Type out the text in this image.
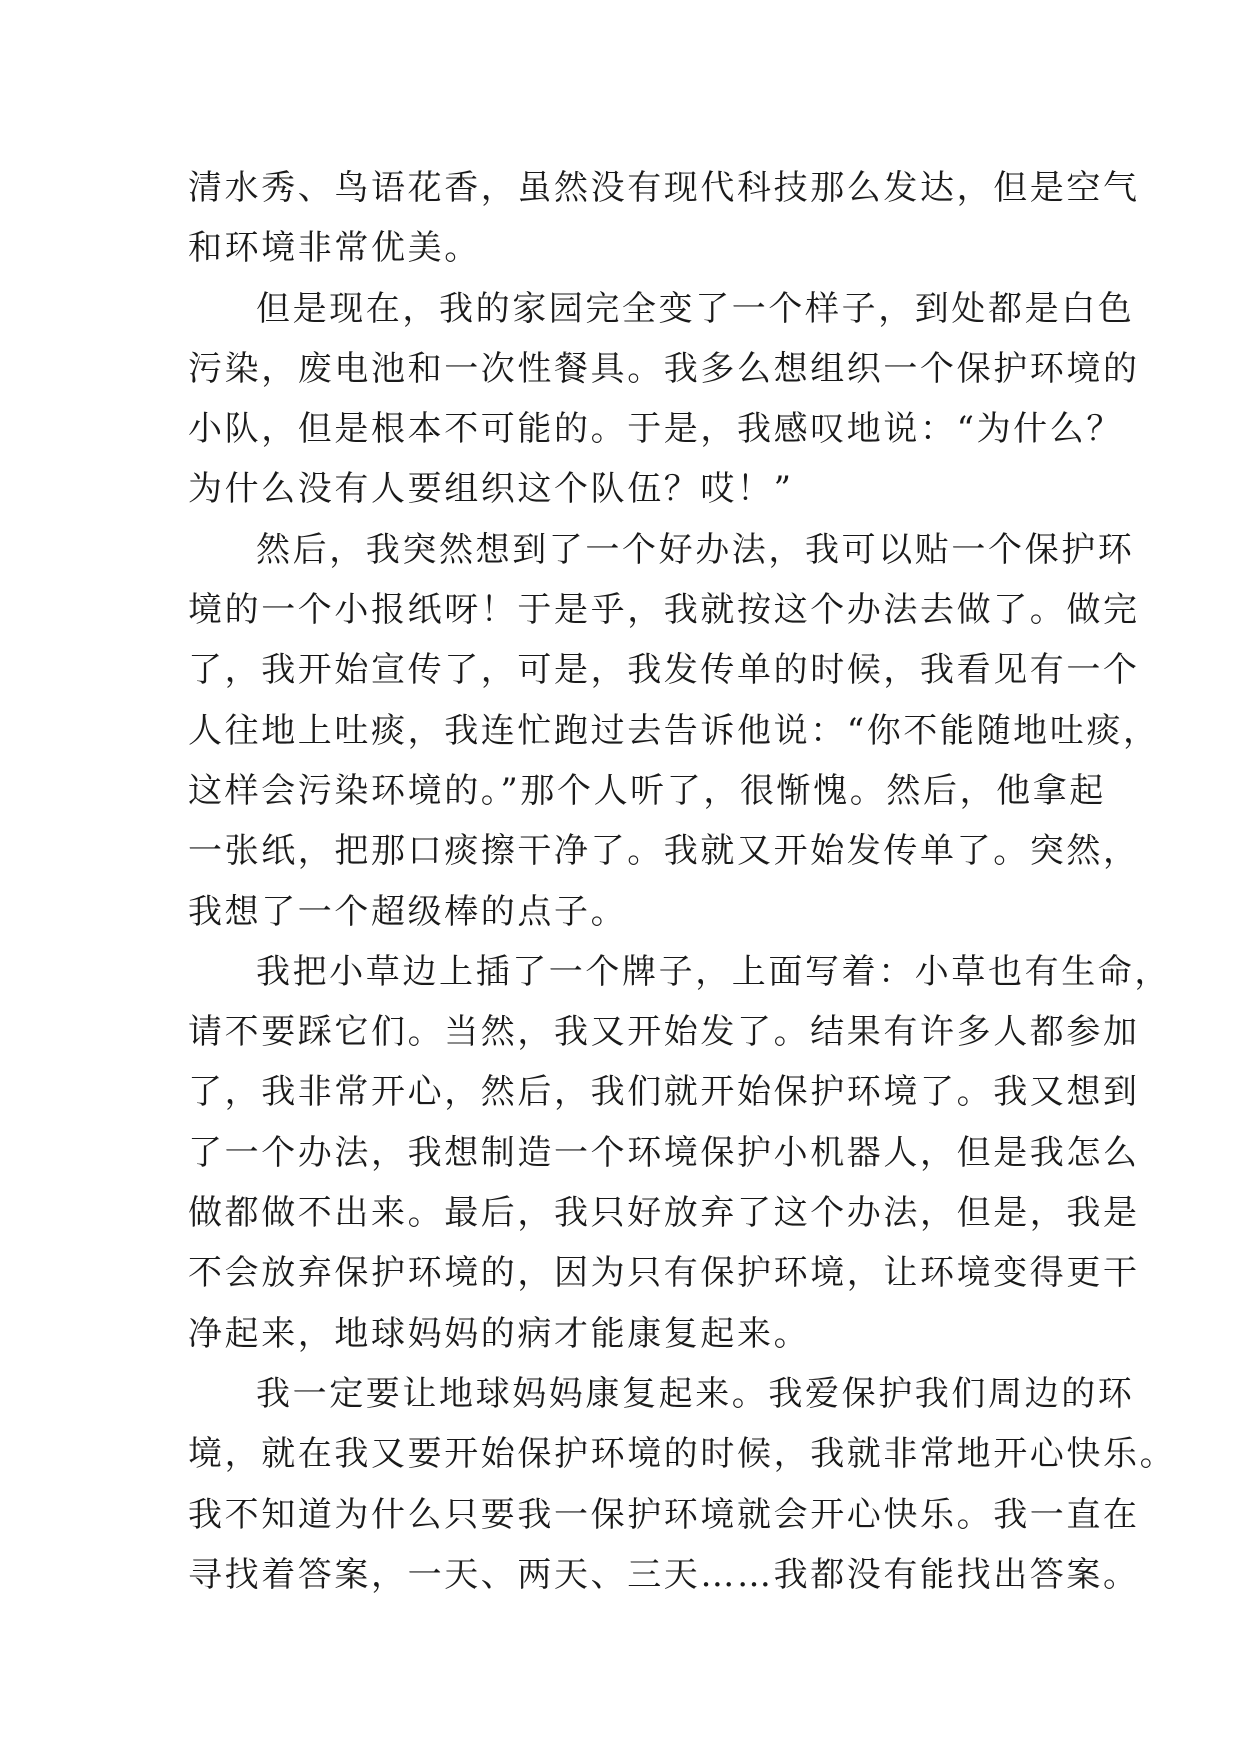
清水秀、鸟语花香，虽然没有现代科技那么发达，但是空气
和环境非常优美。
但是现在，我的家园完全变了一个样子，到处都是白色
污染，废电池和一次性餐具。我多么想组织一个保护环境的
小队，但是根本不可能的。于是，我感叹地说：“为什么？
为什么没有人要组织这个队伍？哎！”
然后，我突然想到了一个好办法，我可以贴一个保护环
境的一个小报纸呀！于是乎，我就按这个办法去做了。做完
了，我开始宣传了，可是，我发传单的时候，我看见有一个
人往地上吐痰，我连忙跑过去告诉他说：“你不能随地吐痰，
这样会污染环境的。”那个人听了，很惭愧。然后，他拿起
一张纸，把那口痰擦干净了。我就又开始发传单了。突然，
我想了一个超级棒的点子。
我把小草边上插了一个牌子，上面写着：小草也有生命，
请不要踩它们。当然，我又开始发了。结果有许多人都参加
了，我非常开心，然后，我们就开始保护环境了。我又想到
了一个办法，我想制造一个环境保护小机器人，但是我怎么
做都做不出来。最后，我只好放弃了这个办法，但是，我是
不会放弃保护环境的，因为只有保护环境，让环境变得更干
净起来，地球妈妈的病才能康复起来。
我一定要让地球妈妈康复起来。我爱保护我们周边的环
境，就在我又要开始保护环境的时候，我就非常地开心快乐。
我不知道为什么只要我一保护环境就会开心快乐。我一直在
寻找着答案，一天、两天、三天……我都没有能找出答案。
